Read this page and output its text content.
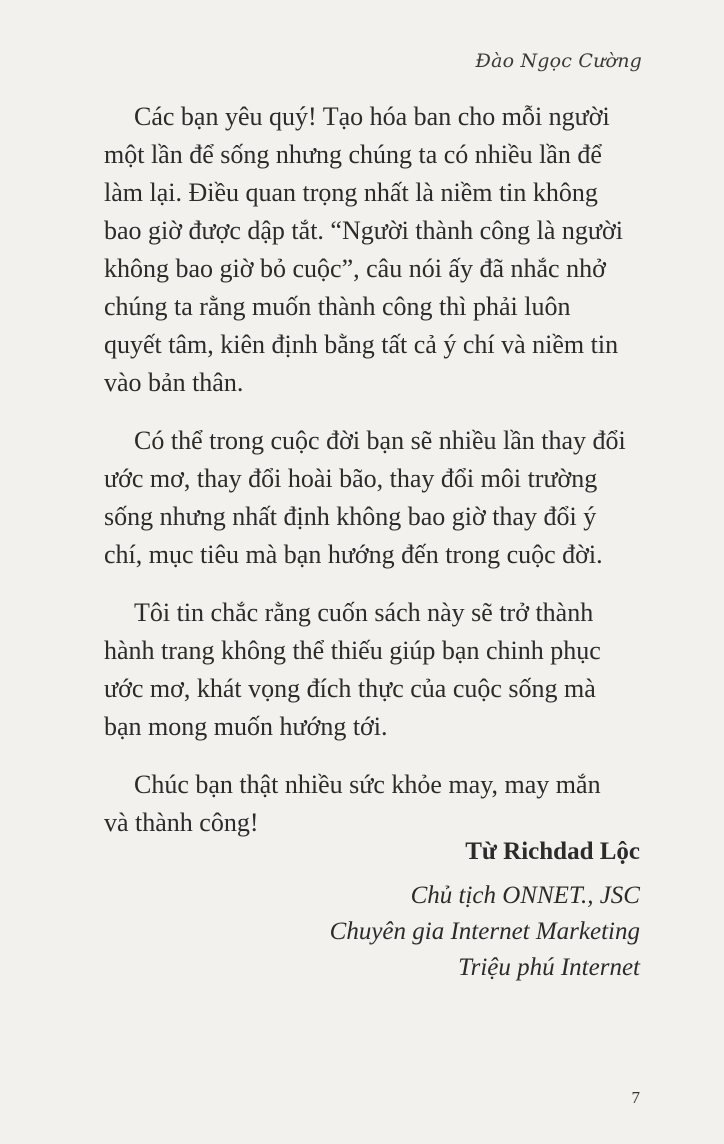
Đào Ngọc Cường

Các bạn yêu quý! Tạo hóa ban cho mỗi người
một lần để sống nhưng chúng ta có nhiều lần để
làm lại. Điều quan trọng nhất là niềm tin không
bao giờ được dập tắt. “Người thành công là người
không bao giờ bỏ cuộc”, câu nói ấy đã nhắc nhở
chúng ta rằng muốn thành công thì phải luôn
quyết tâm, kiên định bằng tất cả ý chí và niềm tin
vào bản thân.

Có thể trong cuộc đời bạn sẽ nhiều lần thay đổi
ước mơ, thay đổi hoài bão, thay đổi môi trường
sống nhưng nhất định không bao giờ thay đổi ý
chí, mục tiêu mà bạn hướng đến trong cuộc đời.

Tôi tin chắc rằng cuốn sách này sẽ trở thành
hành trang không thể thiếu giúp bạn chinh phục
ước mơ, khát vọng đích thực của cuộc sống mà
bạn mong muốn hướng tới.

Chúc bạn thật nhiều sức khỏe may, may mắn
và thành công!

Từ Richdad Lộc
Chủ tịch ONNET., JSC
Chuyên gia Internet Marketing
Triệu phú Internet
7
